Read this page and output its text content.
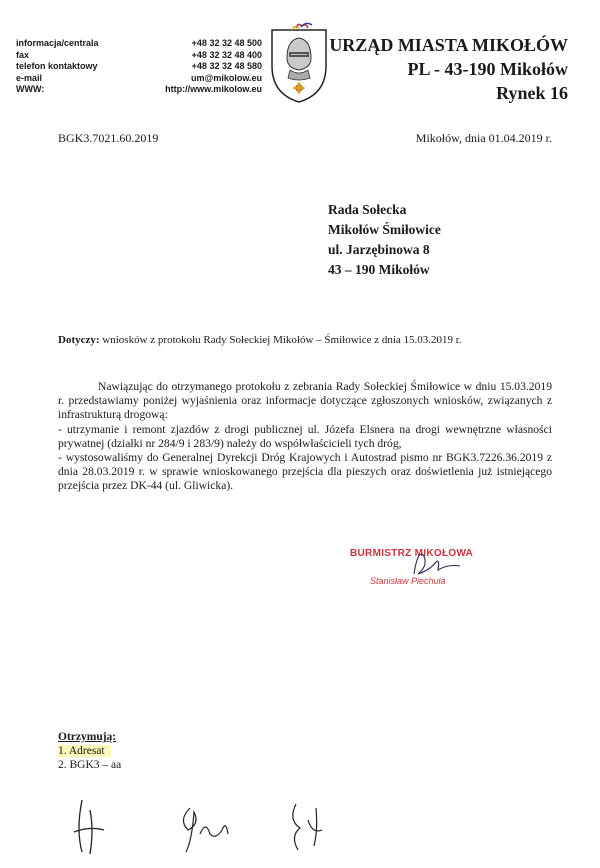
informacja/centrala
fax
telefon kontaktowy
e-mail
WWW:
+48 32 32 48 500
+48 32 32 48 400
+48 32 32 48 580
um@mikolow.eu
http://www.mikolow.eu
URZĄD MIASTA MIKOŁÓW
PL - 43-190 Mikołów
Rynek 16
BGK3.7021.60.2019	Mikołów, dnia 01.04.2019 r.
Rada Sołecka
Mikołów Śmiłowice
ul. Jarzębinowa 8
43 – 190 Mikołów
Dotyczy: wniosków z protokołu Rady Sołeckiej Mikołów – Śmiłowice z dnia 15.03.2019 r.

Nawiązując do otrzymanego protokołu z zebrania Rady Sołeckiej Śmiłowice w dniu 15.03.2019 r. przedstawiamy poniżej wyjaśnienia oraz informacje dotyczące zgłoszonych wniosków, związanych z infrastrukturą drogową:

- utrzymanie i remont zjazdów z drogi publicznej ul. Józefa Elsnera na drogi wewnętrzne własności prywatnej (działki nr 284/9 i 283/9) należy do współwłaścicieli tych dróg,

- wystosowaliśmy do Generalnej Dyrekcji Dróg Krajowych i Autostrad pismo nr BGK3.7226.36.2019 z dnia 28.03.2019 r. w sprawie wnioskowanego przejścia dla pieszych oraz doświetlenia już istniejącego przejścia przez DK-44 (ul. Gliwicka).

BURMISTRZ MIKOŁOWA
Stanisław Piechula
Otrzymują:
1. Adresat
2. BGK3 – aa
